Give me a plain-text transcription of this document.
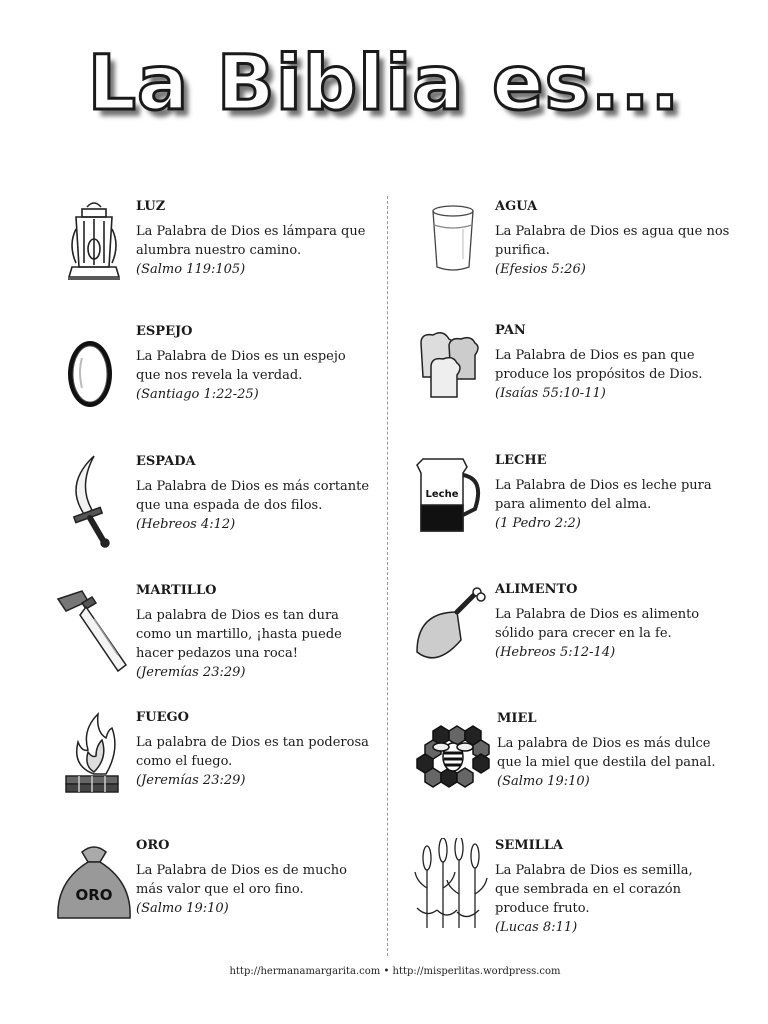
La Biblia es...

LUZ

La Palabra de Dios es lámpara que
alumbra nuestro camino.

(Salmo 119:105)

ESPEJO

La Palabra de Dios es un espejo
que nos revela la verdad.

(Santiago 1:22-25)

ESPADA

La Palabra de Dios es más cortante
que una espada de dos filos.

(Hebreos 4:12)

MARTILLO

La palabra de Dios es tan dura
como un martillo, ¡hasta puede
hacer pedazos una roca!

(Jeremías 23:29)

FUEGO

La palabra de Dios es tan poderosa
como el fuego.

(Jeremías 23:29)

ORO

ORO

La Palabra de Dios es de mucho
más valor que el oro fino.

(Salmo 19:10)

AGUA

La Palabra de Dios es agua que nos
purifica.

(Efesios 5:26)

PAN

La Palabra de Dios es pan que
produce los propósitos de Dios.

(Isaías 55:10-11)

Leche

LECHE

La Palabra de Dios es leche pura
para alimento del alma.

(1 Pedro 2:2)

ALIMENTO

La Palabra de Dios es alimento
sólido para crecer en la fe.

(Hebreos 5:12-14)

MIEL

La palabra de Dios es más dulce
que la miel que destila del panal.

(Salmo 19:10)

SEMILLA

La Palabra de Dios es semilla,
que sembrada en el corazón
produce fruto.

(Lucas 8:11)

http://hermanamargarita.com • http://misperlitas.wordpress.com
